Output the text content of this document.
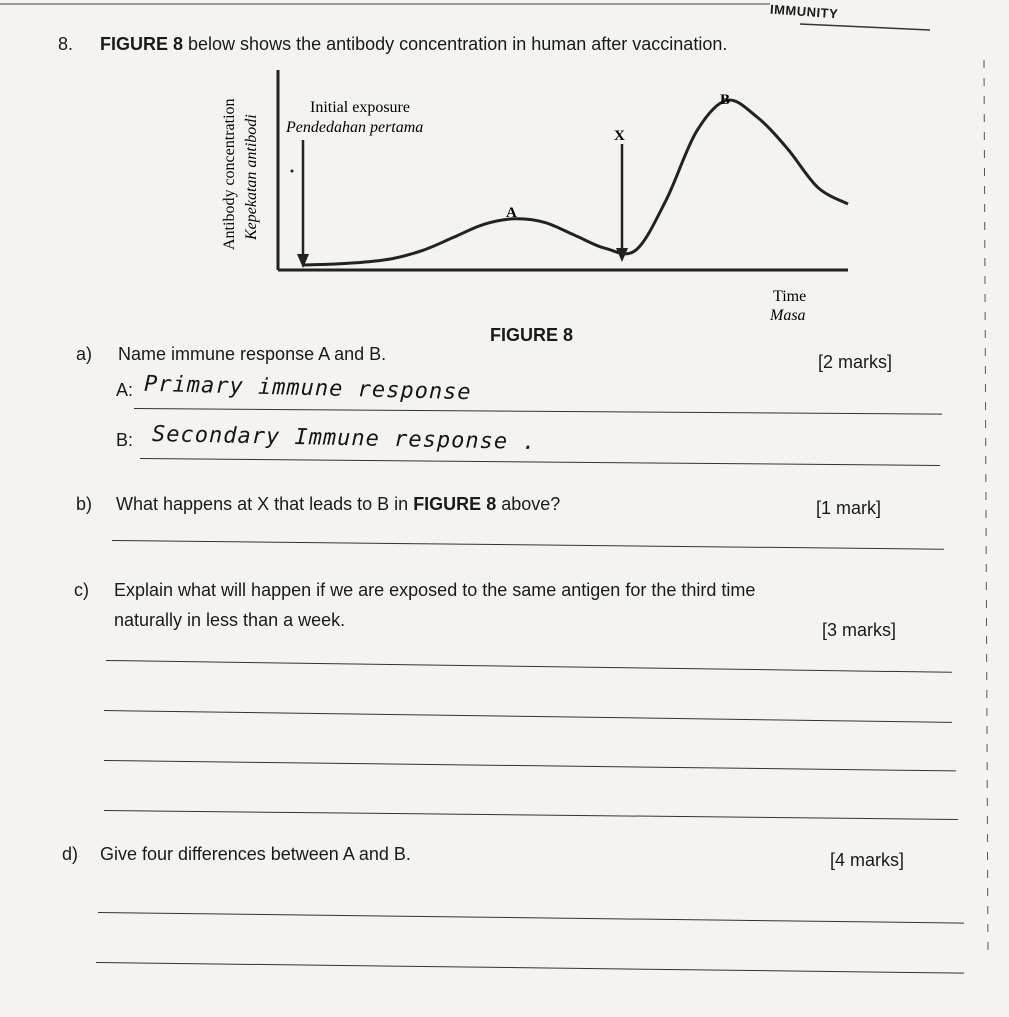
IMMUNITY
8. FIGURE 8 below shows the antibody concentration in human after vaccination.
Antibody concentration Kepekatan antibodi
Initial exposure
Pendedahan pertama
A
X
B
Time
Masa
FIGURE 8
a) Name immune response A and B.	[2 marks]
A: Primary immune response
B: Secondary Immune response .
b) What happens at X that leads to B in FIGURE 8 above?	[1 mark]
c) Explain what will happen if we are exposed to the same antigen for the third time
naturally in less than a week.	[3 marks]
d) Give four differences between A and B.	[4 marks]
